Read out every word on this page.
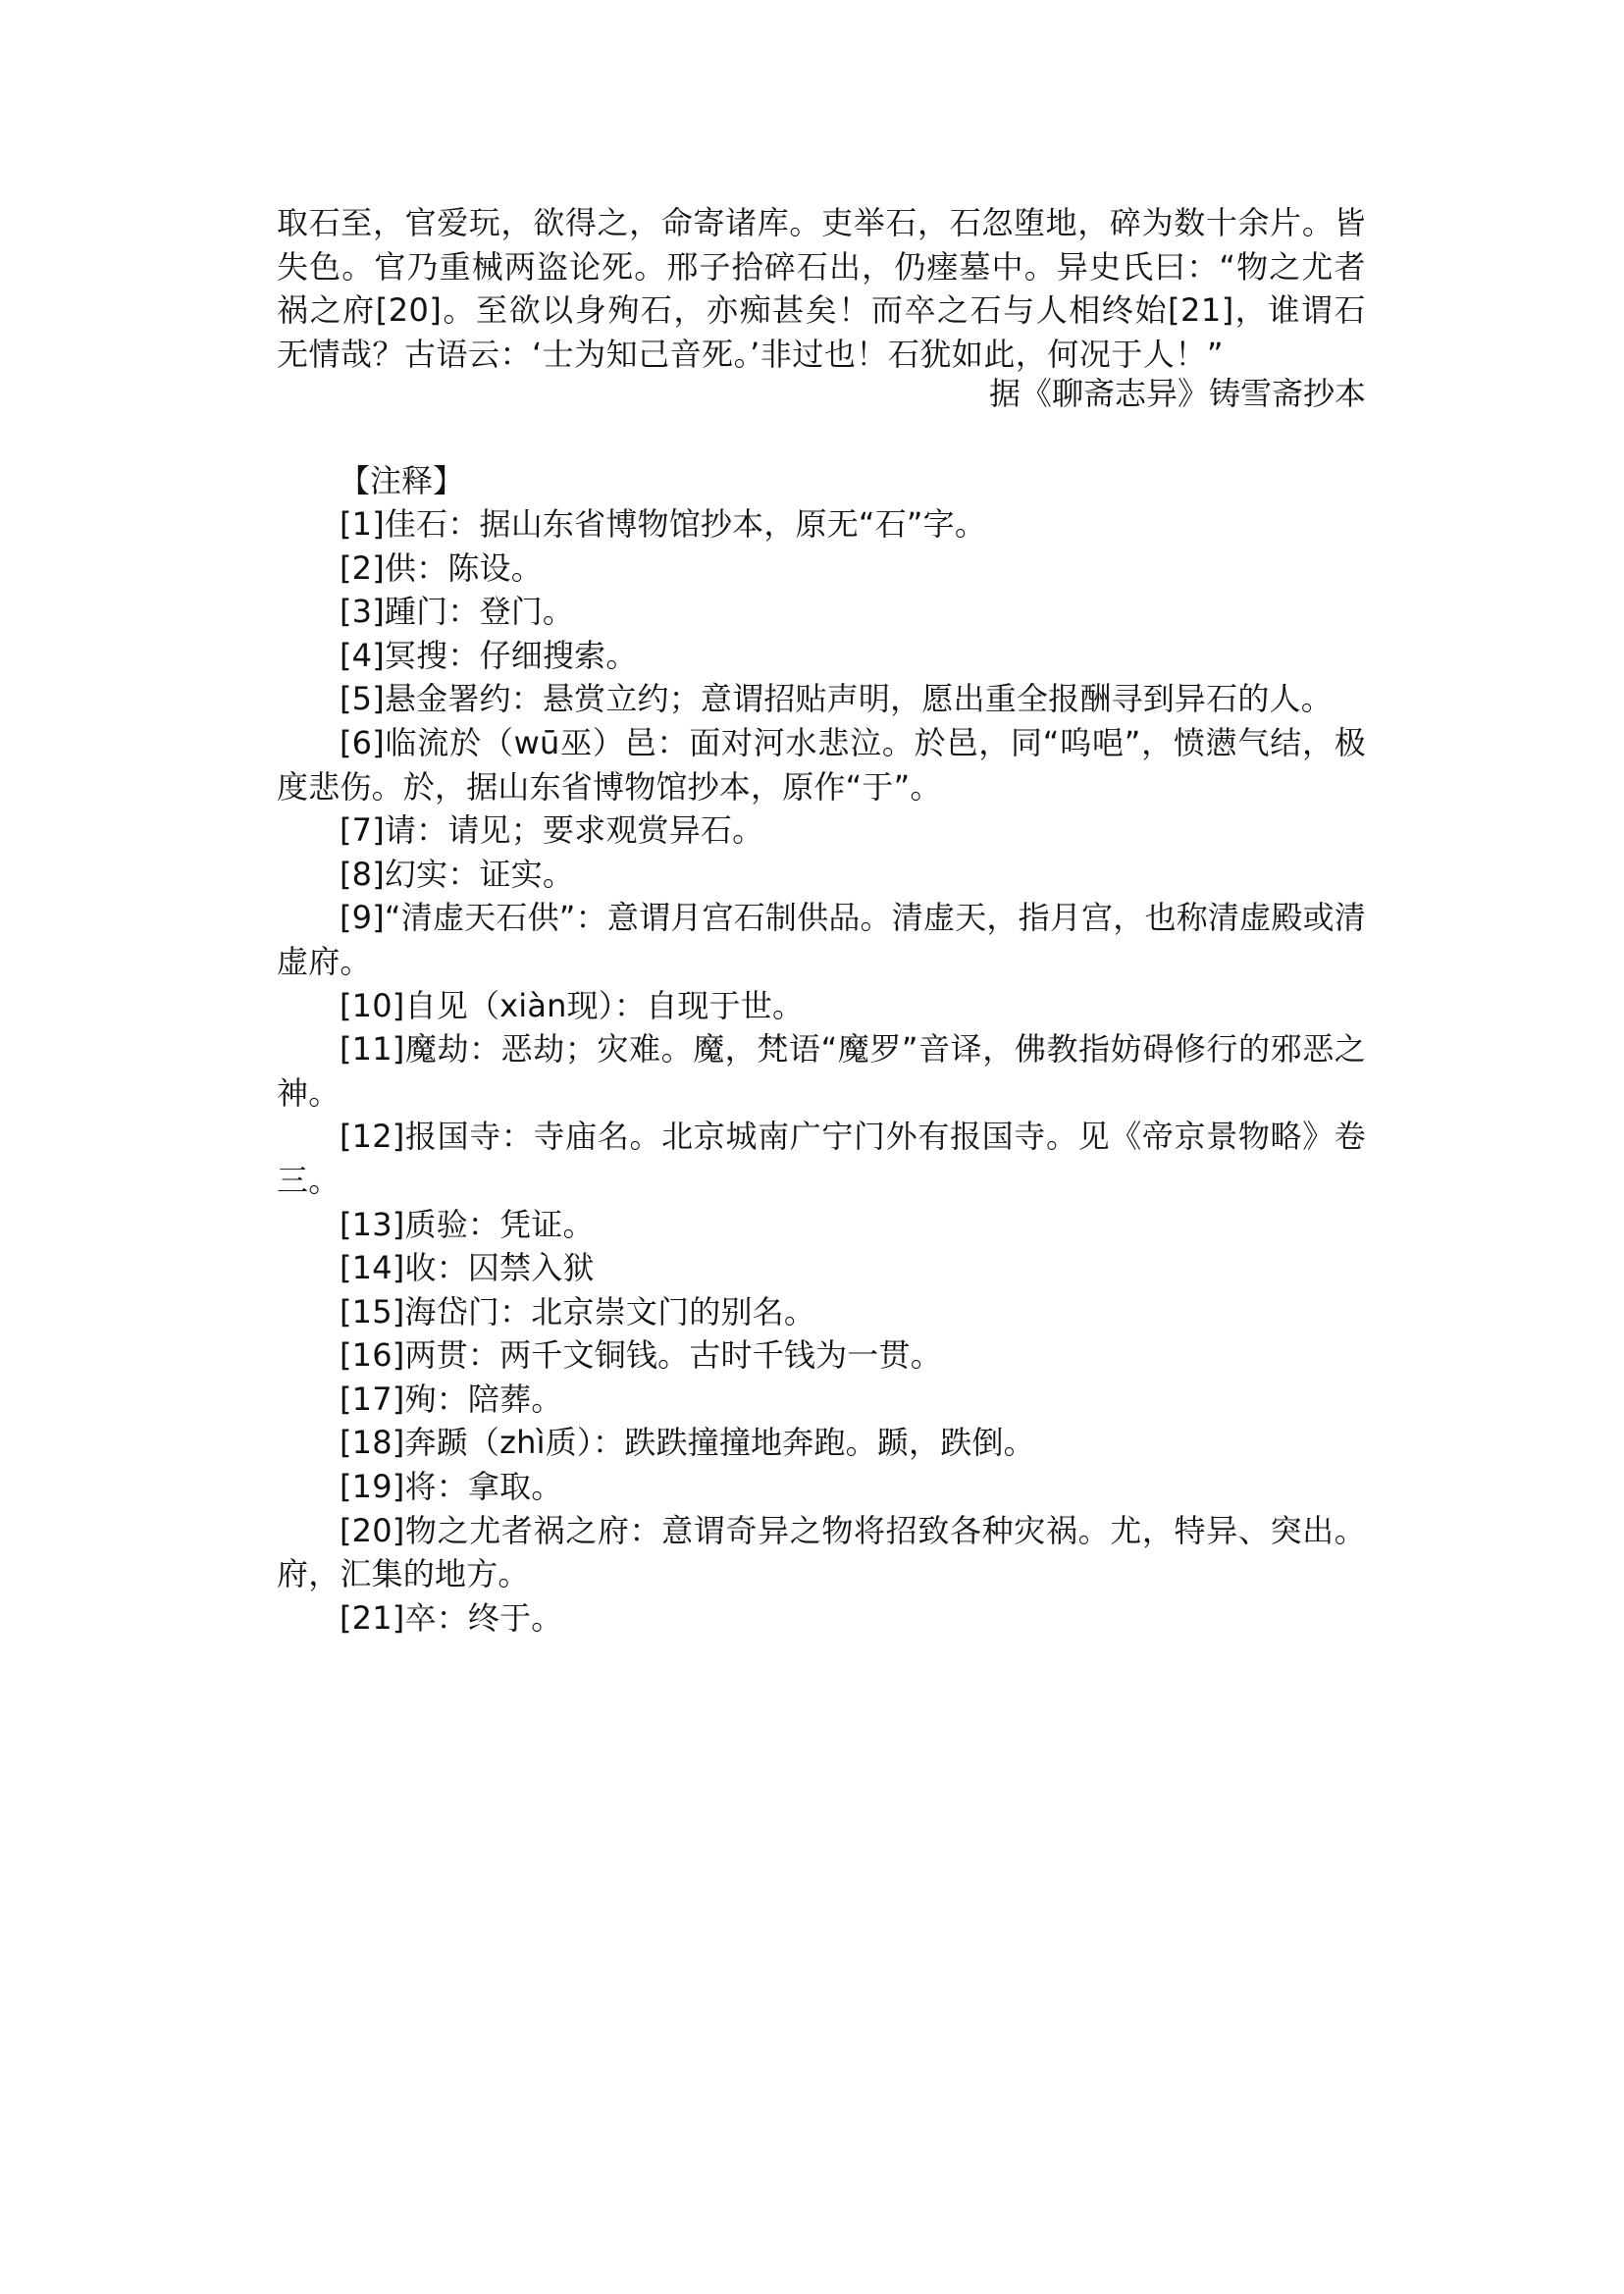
取石至，官爱玩，欲得之，命寄诸库。吏举石，石忽堕地，碎为数十余片。皆失色。官乃重械两盗论死。邢子拾碎石出，仍瘗墓中。异史氏曰：“物之尤者祸之府[20]。至欲以身殉石，亦痴甚矣！而卒之石与人相终始[21]，谁谓石无情哉？古语云：‘士为知己音死。’非过也！石犹如此，何况于人！”
据《聊斋志异》铸雪斋抄本
【注释】
[1]佳石：据山东省博物馆抄本，原无“石”字。
[2]供：陈设。
[3]踵门：登门。
[4]冥搜：仔细搜索。
[5]悬金署约：悬赏立约；意谓招贴声明，愿出重全报酬寻到异石的人。
[6]临流於（wū巫）邑：面对河水悲泣。於邑，同“呜唈”，愤懑气结，极度悲伤。於，据山东省博物馆抄本，原作“于”。
[7]请：请见；要求观赏异石。
[8]幻实：证实。
[9]“清虚天石供”：意谓月宫石制供品。清虚天，指月宫，也称清虚殿或清虚府。
[10]自见（xiàn现）：自现于世。
[11]魔劫：恶劫；灾难。魔，梵语“魔罗”音译，佛教指妨碍修行的邪恶之神。
[12]报国寺：寺庙名。北京城南广宁门外有报国寺。见《帝京景物略》卷三。
[13]质验：凭证。
[14]收：囚禁入狱
[15]海岱门：北京崇文门的别名。
[16]两贯：两千文铜钱。古时千钱为一贯。
[17]殉：陪葬。
[18]奔踬（zhì质）：跌跌撞撞地奔跑。踬，跌倒。
[19]将：拿取。
[20]物之尤者祸之府：意谓奇异之物将招致各种灾祸。尤，特异、突出。府，汇集的地方。
[21]卒：终于。
